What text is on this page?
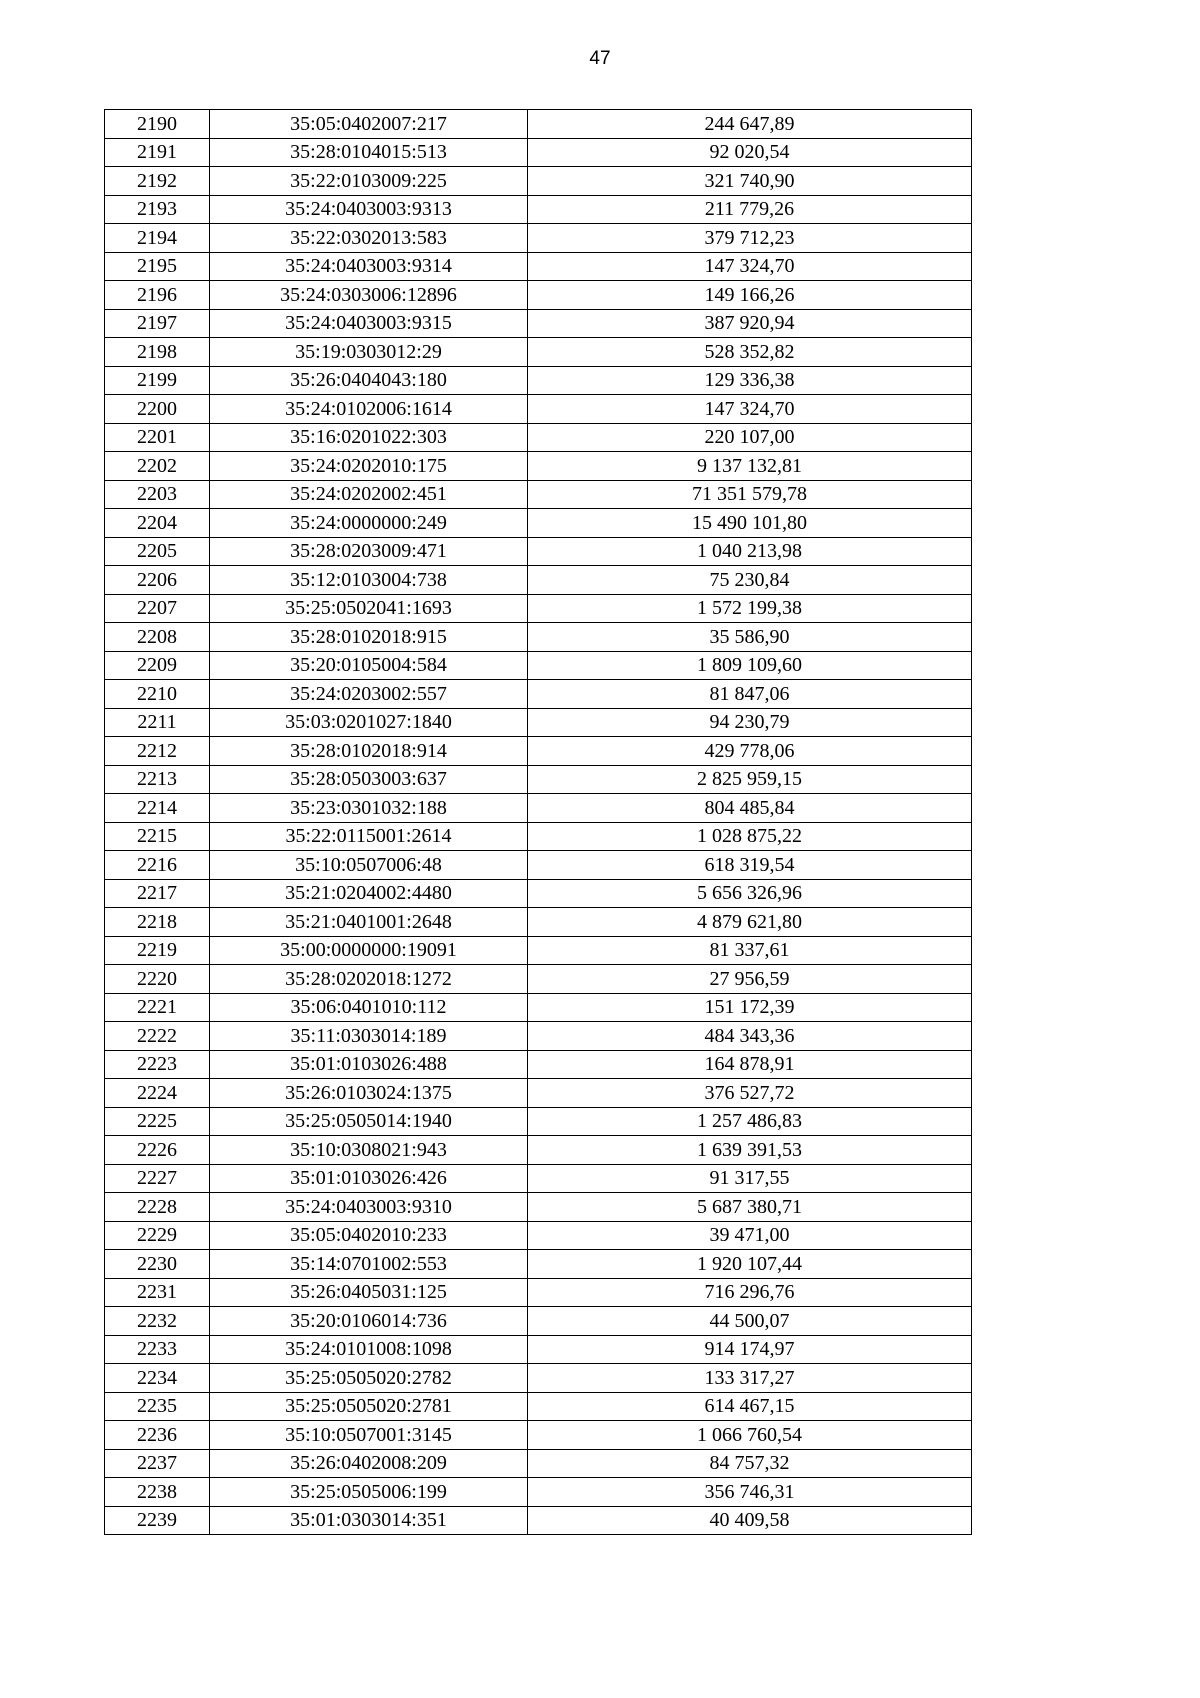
47
2190	35:05:0402007:217	244 647,89
2191	35:28:0104015:513	92 020,54
2192	35:22:0103009:225	321 740,90
2193	35:24:0403003:9313	211 779,26
2194	35:22:0302013:583	379 712,23
2195	35:24:0403003:9314	147 324,70
2196	35:24:0303006:12896	149 166,26
2197	35:24:0403003:9315	387 920,94
2198	35:19:0303012:29	528 352,82
2199	35:26:0404043:180	129 336,38
2200	35:24:0102006:1614	147 324,70
2201	35:16:0201022:303	220 107,00
2202	35:24:0202010:175	9 137 132,81
2203	35:24:0202002:451	71 351 579,78
2204	35:24:0000000:249	15 490 101,80
2205	35:28:0203009:471	1 040 213,98
2206	35:12:0103004:738	75 230,84
2207	35:25:0502041:1693	1 572 199,38
2208	35:28:0102018:915	35 586,90
2209	35:20:0105004:584	1 809 109,60
2210	35:24:0203002:557	81 847,06
2211	35:03:0201027:1840	94 230,79
2212	35:28:0102018:914	429 778,06
2213	35:28:0503003:637	2 825 959,15
2214	35:23:0301032:188	804 485,84
2215	35:22:0115001:2614	1 028 875,22
2216	35:10:0507006:48	618 319,54
2217	35:21:0204002:4480	5 656 326,96
2218	35:21:0401001:2648	4 879 621,80
2219	35:00:0000000:19091	81 337,61
2220	35:28:0202018:1272	27 956,59
2221	35:06:0401010:112	151 172,39
2222	35:11:0303014:189	484 343,36
2223	35:01:0103026:488	164 878,91
2224	35:26:0103024:1375	376 527,72
2225	35:25:0505014:1940	1 257 486,83
2226	35:10:0308021:943	1 639 391,53
2227	35:01:0103026:426	91 317,55
2228	35:24:0403003:9310	5 687 380,71
2229	35:05:0402010:233	39 471,00
2230	35:14:0701002:553	1 920 107,44
2231	35:26:0405031:125	716 296,76
2232	35:20:0106014:736	44 500,07
2233	35:24:0101008:1098	914 174,97
2234	35:25:0505020:2782	133 317,27
2235	35:25:0505020:2781	614 467,15
2236	35:10:0507001:3145	1 066 760,54
2237	35:26:0402008:209	84 757,32
2238	35:25:0505006:199	356 746,31
2239	35:01:0303014:351	40 409,58
